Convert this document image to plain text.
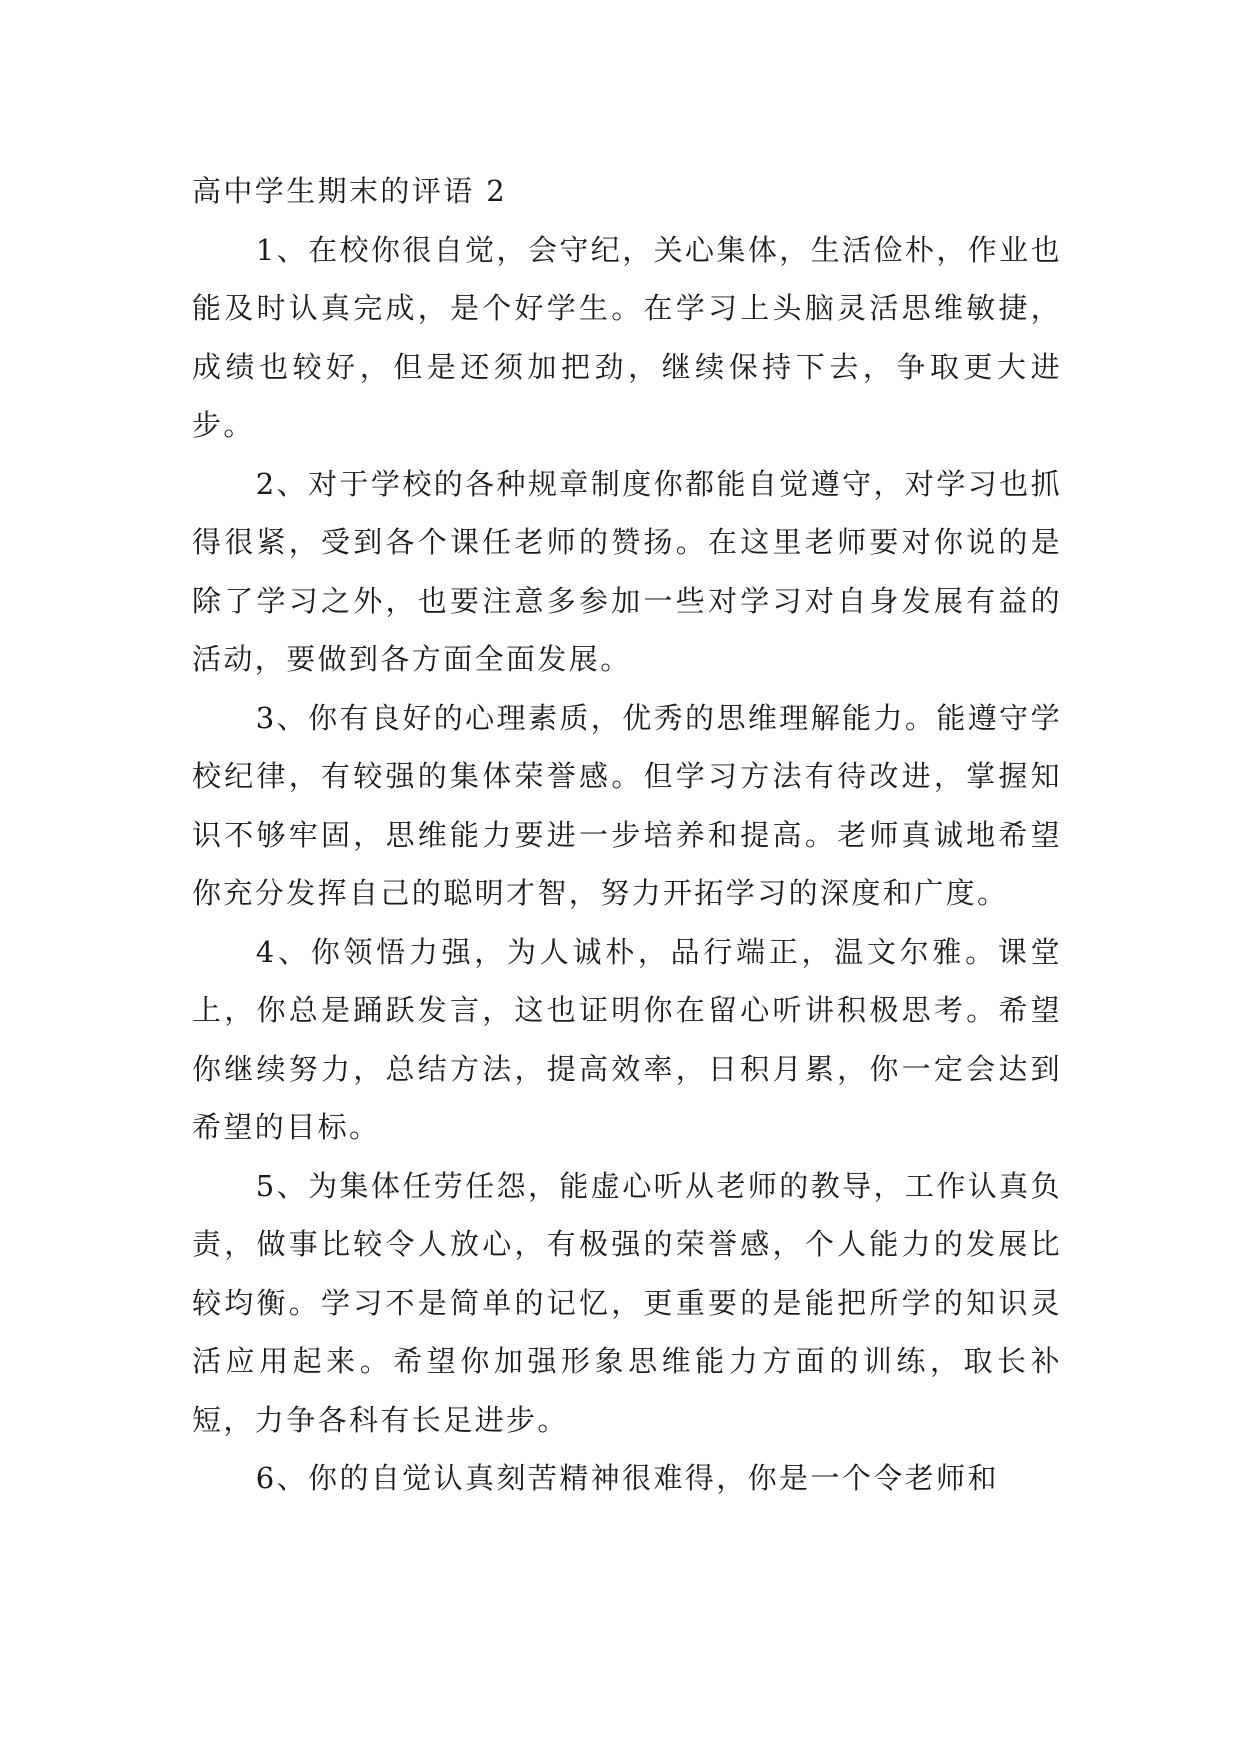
高中学生期末的评语 2

1、在校你很自觉，会守纪，关心集体，生活俭朴，作业也能及时认真完成，是个好学生。在学习上头脑灵活思维敏捷，成绩也较好，但是还须加把劲，继续保持下去，争取更大进步。

2、对于学校的各种规章制度你都能自觉遵守，对学习也抓得很紧，受到各个课任老师的赞扬。在这里老师要对你说的是除了学习之外，也要注意多参加一些对学习对自身发展有益的活动，要做到各方面全面发展。

3、你有良好的心理素质，优秀的思维理解能力。能遵守学校纪律，有较强的集体荣誉感。但学习方法有待改进，掌握知识不够牢固，思维能力要进一步培养和提高。老师真诚地希望你充分发挥自己的聪明才智，努力开拓学习的深度和广度。

4、你领悟力强，为人诚朴，品行端正，温文尔雅。课堂上，你总是踊跃发言，这也证明你在留心听讲积极思考。希望你继续努力，总结方法，提高效率，日积月累，你一定会达到希望的目标。

5、为集体任劳任怨，能虚心听从老师的教导，工作认真负责，做事比较令人放心，有极强的荣誉感，个人能力的发展比较均衡。学习不是简单的记忆，更重要的是能把所学的知识灵活应用起来。希望你加强形象思维能力方面的训练，取长补短，力争各科有长足进步。

6、你的自觉认真刻苦精神很难得，你是一个令老师和
